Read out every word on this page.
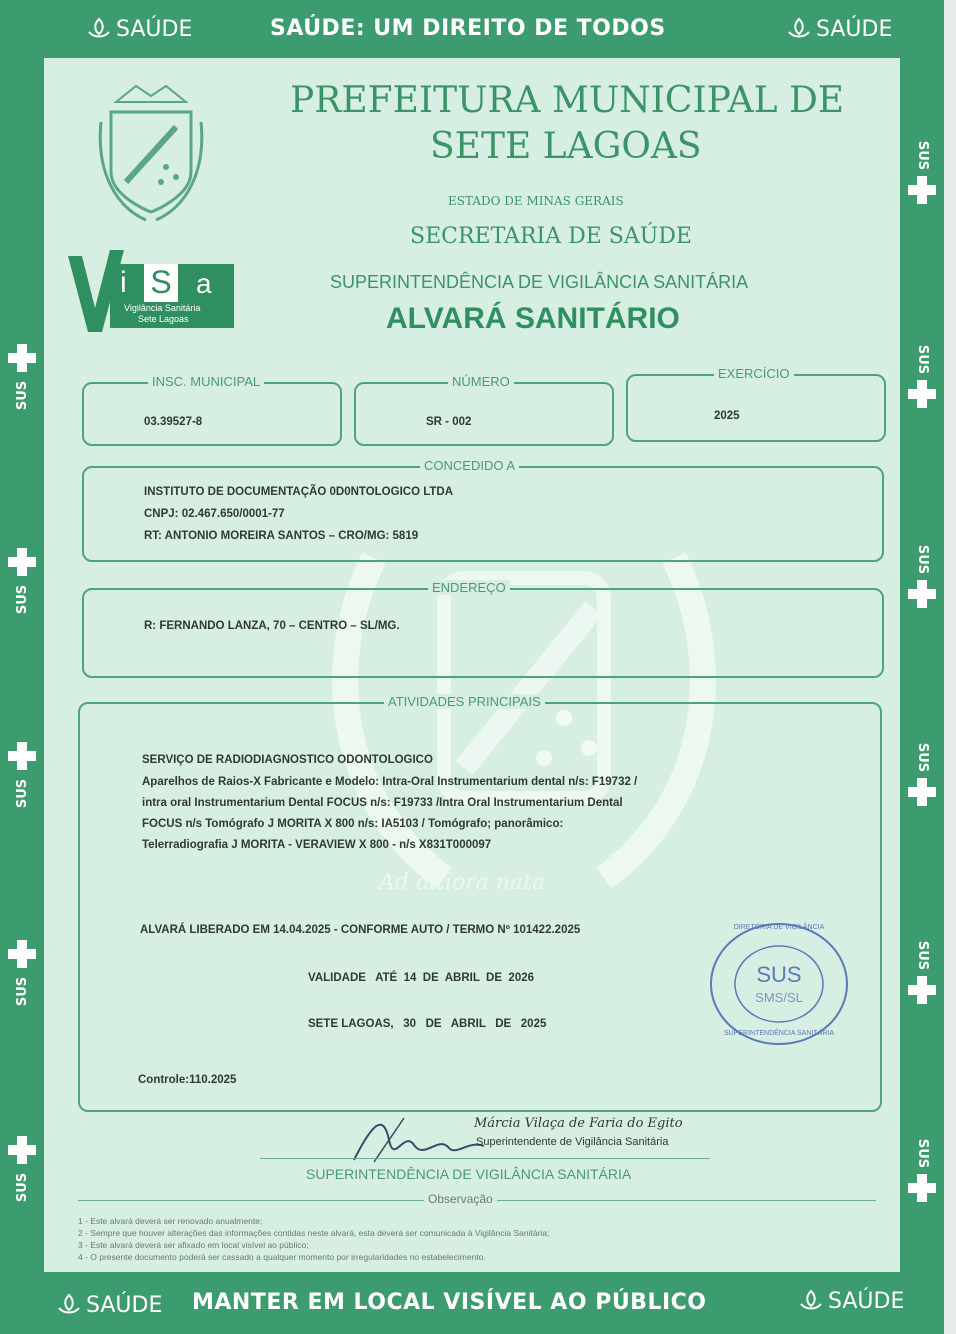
SAÚDE	SAÚDE: UM DIREITO DE TODOS	SAÚDE
SAÚDE MANTER EM LOCAL VISÍVEL AO PÚBLICO	SAÚDE
SUS
SUS
SUS
SUS
SUS
SUS
SUS
SUS
SUS
SUS
SUS
Ad altiora nata
PREFEITURA MUNICIPAL DE
SETE LAGOAS
ESTADO DE MINAS GERAIS
SECRETARIA DE SAÚDE
SUPERINTENDÊNCIA DE VIGILÂNCIA SANITÁRIA
ALVARÁ SANITÁRIO
i S a
Vigilância Sanitária
Sete Lagoas
INSC. MUNICIPAL
03.39527-8
NÚMERO
SR - 002
EXERCÍCIO
2025
CONCEDIDO A
INSTITUTO DE DOCUMENTAÇÃO 0D0NTOLOGICO LTDA
CNPJ: 02.467.650/0001-77
RT: ANTONIO MOREIRA SANTOS – CRO/MG: 5819
ENDEREÇO
R: FERNANDO LANZA, 70 – CENTRO – SL/MG.
ATIVIDADES PRINCIPAIS
SERVIÇO DE RADIODIAGNOSTICO ODONTOLOGICO
Aparelhos de Raios-X Fabricante e Modelo: Intra-Oral Instrumentarium dental n/s: F19732 /
intra oral Instrumentarium Dental FOCUS n/s: F19733 /Intra Oral Instrumentarium Dental
FOCUS n/s Tomógrafo J MORITA X 800 n/s: IA5103 / Tomógrafo; panorâmico:
Telerradiografia J MORITA - VERAVIEW X 800 - n/s X831T000097
ALVARÁ LIBERADO EM 14.04.2025 - CONFORME AUTO / TERMO Nº 101422.2025
VALIDADE   ATÉ  14  DE  ABRIL  DE  2026
SETE LAGOAS,   30   DE   ABRIL   DE   2025
Controle:110.2025
DIRETORIA DE VIGILÂNCIA
SUS
SMS/SL
SUPERINTENDÊNCIA SANITÁRIA
Márcia Vilaça de Faria do Egito
Superintendente de Vigilância Sanitária
SUPERINTENDÊNCIA DE VIGILÂNCIA SANITÁRIA
Observação
1 - Este alvará deverá ser renovado anualmente;
2 - Sempre que houver alterações das informações contidas neste alvará, esta deverá ser comunicada à Vigilância Sanitária;
3 - Este alvará deverá ser afixado em local visível ao público;
4 - O presente documento poderá ser cassado a qualquer momento por irregularidades no estabelecimento.
